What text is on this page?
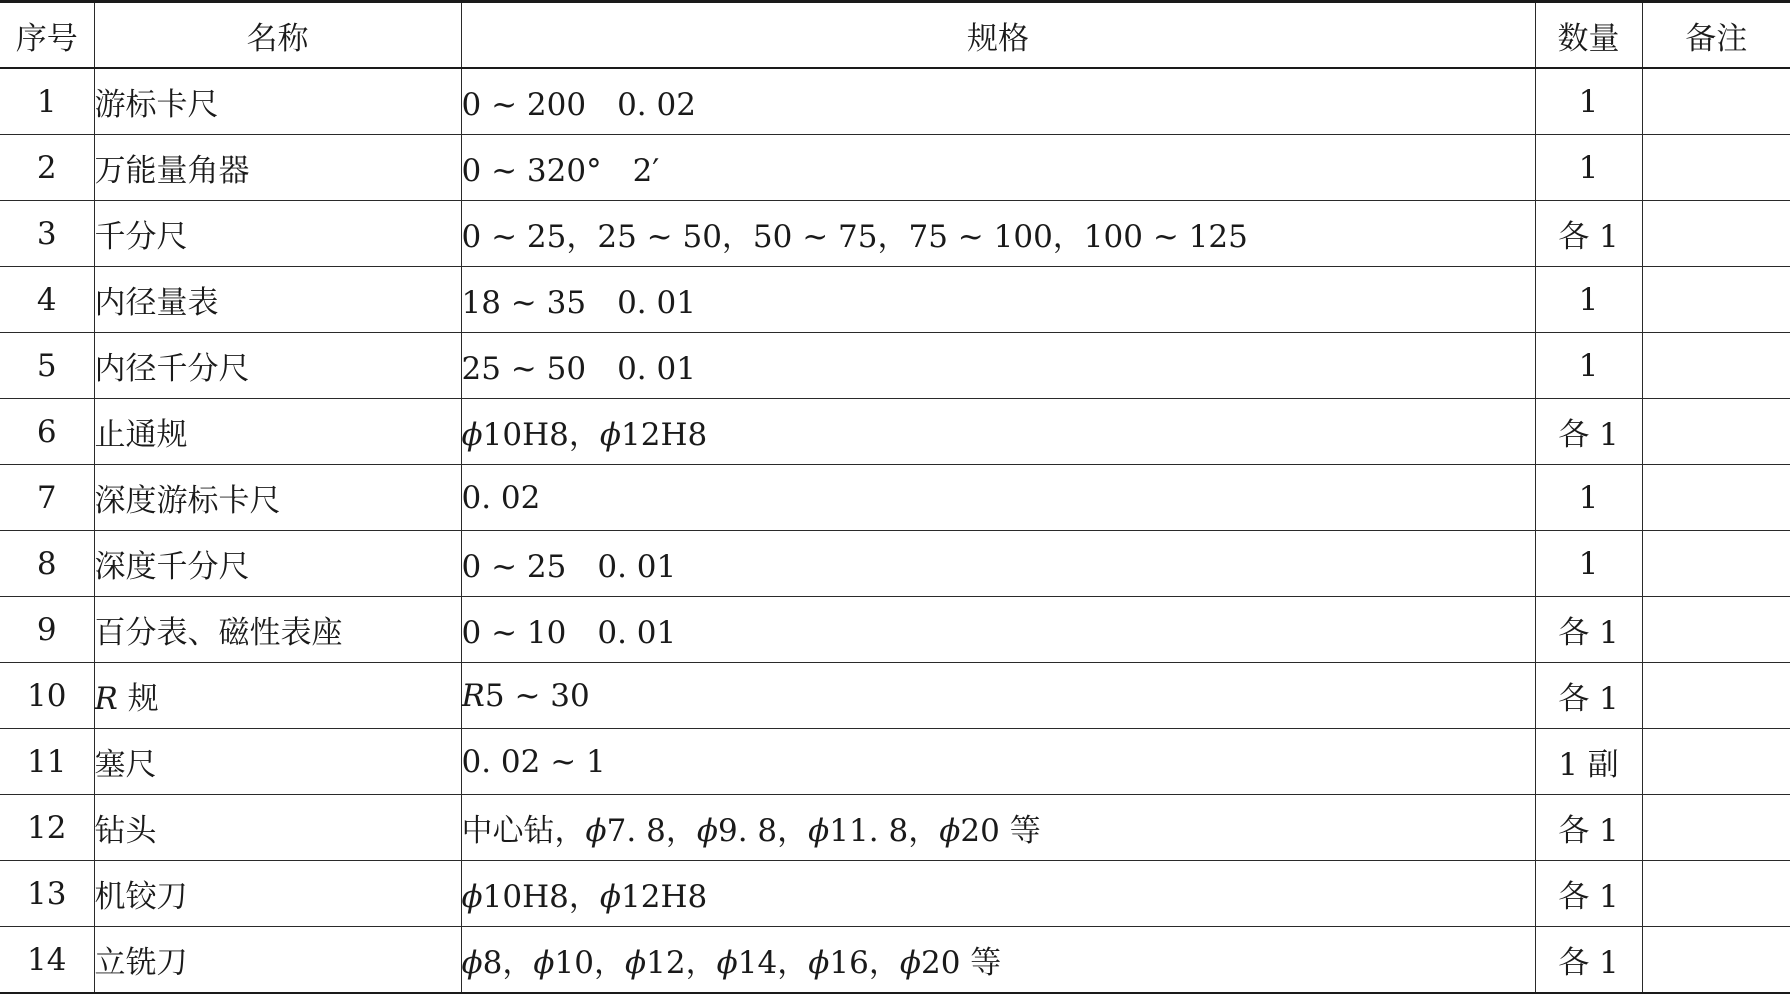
序号	名称	规格	数量	备注
1	游标卡尺	0 ~ 200　0. 02	1	
2	万能量角器	0 ~ 320°　2′	1	
3	千分尺	0 ~ 25，25 ~ 50，50 ~ 75，75 ~ 100，100 ~ 125	各 1	
4	内径量表	18 ~ 35　0. 01	1	
5	内径千分尺	25 ~ 50　0. 01	1	
6	止通规	ϕ10H8，ϕ12H8	各 1	
7	深度游标卡尺	0. 02	1	
8	深度千分尺	0 ~ 25　0. 01	1	
9	百分表、磁性表座	0 ~ 10　0. 01	各 1	
10	R 规	R5 ~ 30	各 1	
11	塞尺	0. 02 ~ 1	1 副	
12	钻头	中心钻，ϕ7. 8，ϕ9. 8，ϕ11. 8，ϕ20 等	各 1	
13	机铰刀	ϕ10H8，ϕ12H8	各 1	
14	立铣刀	ϕ8，ϕ10，ϕ12，ϕ14，ϕ16，ϕ20 等	各 1	
